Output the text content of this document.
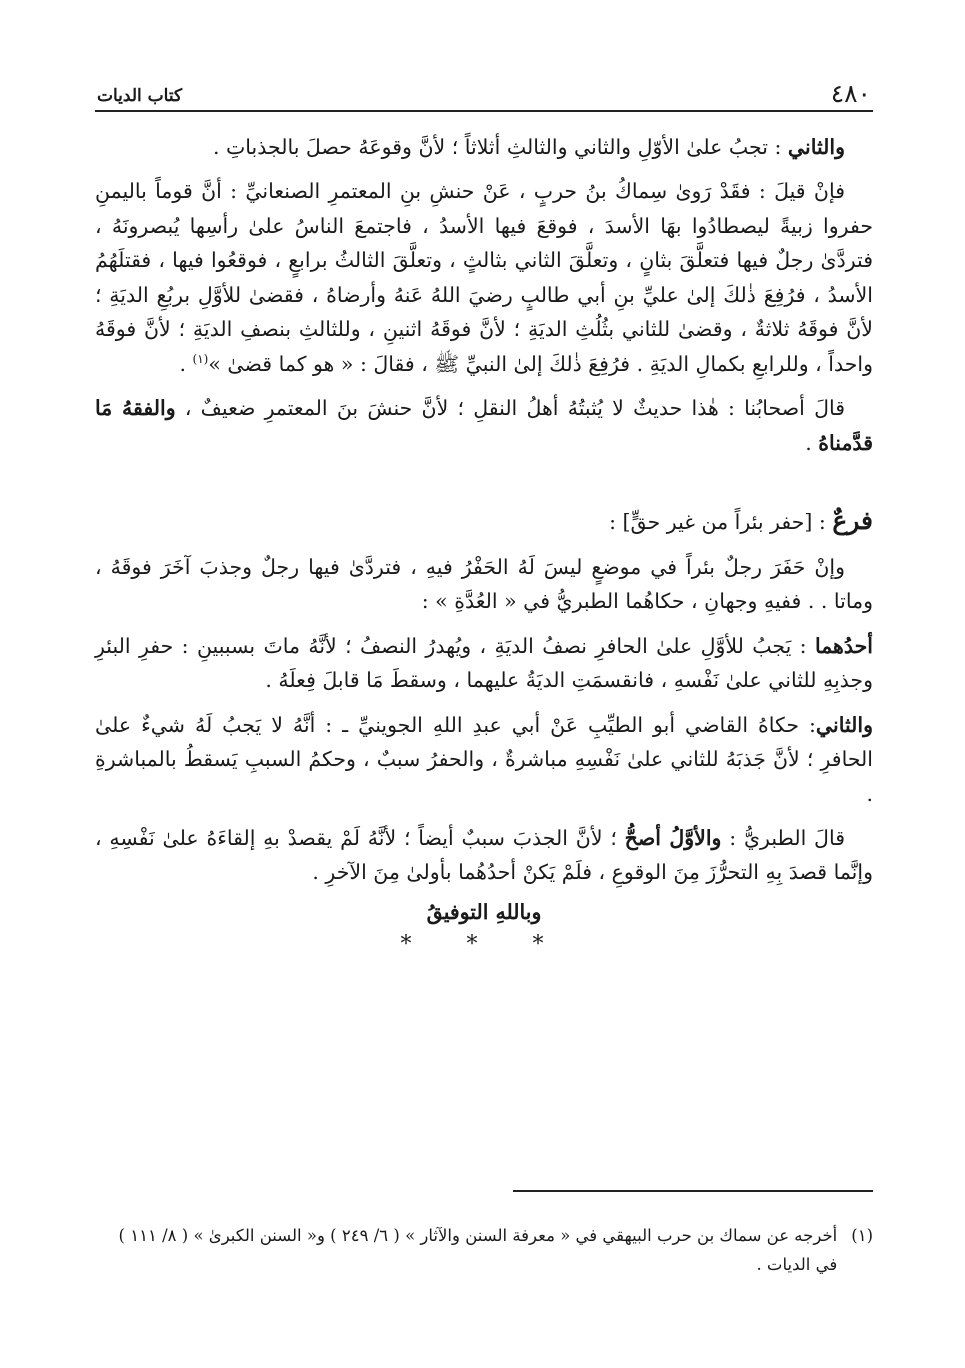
٤٨٠
كتاب الديات

والثاني : تجبُ علىٰ الأوّلِ والثاني والثالثِ أثلاثاً ؛ لأنَّ وقوعَهُ حصلَ بالجذباتِ .

فإنْ قيلَ : فقَدْ رَوىٰ سِماكُ بنُ حربٍ ، عَنْ حنشِ بنِ المعتمرِ الصنعانيِّ : أنَّ قوماً باليمنِ حفروا زبيةً ليصطادُوا بهَا الأسدَ ، فوقعَ فيها الأسدُ ، فاجتمعَ الناسُ علىٰ رأسِها يُبصرونَهُ ، فتردَّىٰ رجلٌ فيها فتعلَّقَ بثانٍ ، وتعلَّقَ الثاني بثالثٍ ، وتعلَّقَ الثالثُ برابعٍ ، فوقعُوا فيها ، فقتلَهُمُ الأسدُ ، فرُفِعَ ذٰلكَ إلىٰ عليِّ بنِ أبي طالبٍ رضيَ اللهُ عَنهُ وأرضاهُ ، فقضىٰ للأوَّلِ بربُعِ الديَةِ ؛ لأنَّ فوقَهُ ثلاثةٌ ، وقضىٰ للثاني بثُلُثِ الديَةِ ؛ لأنَّ فوقَهُ اثنينِ ، وللثالثِ بنصفِ الديَةِ ؛ لأنَّ فوقَهُ واحداً ، وللرابعِ بكمالِ الديَةِ . فرُفِعَ ذٰلكَ إلىٰ النبيِّ ﷺ ، فقالَ : « هو كما قضىٰ »$^{(١)}$ .

قالَ أصحابُنا : هٰذا حديثٌ لا يُثبتُهُ أهلُ النقلِ ؛ لأنَّ حنشَ بنَ المعتمرِ ضعيفٌ ، والفقهُ مَا قدَّمناهُ .

فرعٌ : [حفر بئراً من غير حقٍّ] :

وإنْ حَفَرَ رجلٌ بئراً في موضعٍ ليسَ لَهُ الحَفْرُ فيهِ ، فتردَّىٰ فيها رجلٌ وجذبَ آخَرَ فوقَهُ ، وماتا . . ففيهِ وجهانِ ، حكاهُما الطبريُّ في « العُدَّةِ » :

أحدُهما : يَجبُ للأوَّلِ علىٰ الحافرِ نصفُ الديَةِ ، ويُهدرُ النصفُ ؛ لأنَّهُ ماتَ بسببينِ : حفرِ البئرِ وجذبِهِ للثاني علىٰ نَفْسهِ ، فانقسمَتِ الديَةُ عليهما ، وسقطَ مَا قابلَ فِعلَهُ .

والثاني: حكاهُ القاضي أبو الطيِّبِ عَنْ أبي عبدِ اللهِ الجوينيِّ ـ : أنَّهُ لا يَجبُ لَهُ شيءٌ علىٰ الحافرِ ؛ لأنَّ جَذبَهُ للثاني علىٰ نَفْسِهِ مباشرةٌ ، والحفرُ سببٌ ، وحكمُ السببِ يَسقطُ بالمباشرةِ .

قالَ الطبريُّ : والأوَّلُ أصحُّ ؛ لأنَّ الجذبَ سببٌ أيضاً ؛ لأنَّهُ لَمْ يقصدْ بهِ إلقاءَهُ علىٰ نَفْسِهِ ، وإنَّما قصدَ بِهِ التحرُّزَ مِنَ الوقوعِ ، فلَمْ يَكنْ أحدُهُما بأولىٰ مِنَ الآخرِ .

وباللهِ التوفيقُ

* * *

(١)
أخرجه عن سماك بن حرب البيهقي في « معرفة السنن والآثار » ( ٦/ ٢٤٩ ) و« السنن الكبرىٰ » ( ٨/ ١١١ ) في الديات .
